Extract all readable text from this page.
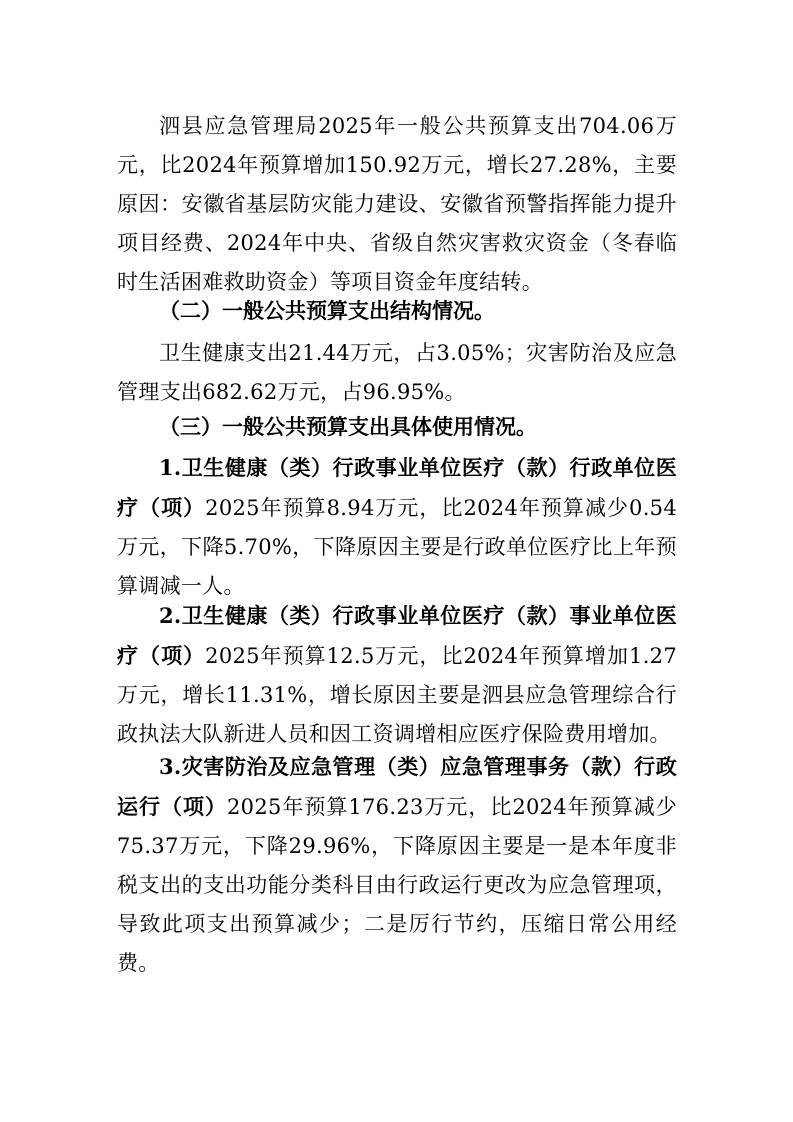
泗县应急管理局2025年一般公共预算支出704.06万元，比2024年预算增加150.92万元，增长27.28%，主要原因：安徽省基层防灾能力建设、安徽省预警指挥能力提升项目经费、2024年中央、省级自然灾害救灾资金（冬春临时生活困难救助资金）等项目资金年度结转。

（二）一般公共预算支出结构情况。

卫生健康支出21.44万元，占3.05%；灾害防治及应急管理支出682.62万元，占96.95%。

（三）一般公共预算支出具体使用情况。

1.卫生健康（类）行政事业单位医疗（款）行政单位医疗（项）2025年预算8.94万元，比2024年预算减少0.54万元，下降5.70%，下降原因主要是行政单位医疗比上年预算调减一人。

2.卫生健康（类）行政事业单位医疗（款）事业单位医疗（项）2025年预算12.5万元，比2024年预算增加1.27万元，增长11.31%，增长原因主要是泗县应急管理综合行政执法大队新进人员和因工资调增相应医疗保险费用增加。

3.灾害防治及应急管理（类）应急管理事务（款）行政运行（项）2025年预算176.23万元，比2024年预算减少75.37万元，下降29.96%，下降原因主要是一是本年度非税支出的支出功能分类科目由行政运行更改为应急管理项，导致此项支出预算减少；二是厉行节约，压缩日常公用经费。
